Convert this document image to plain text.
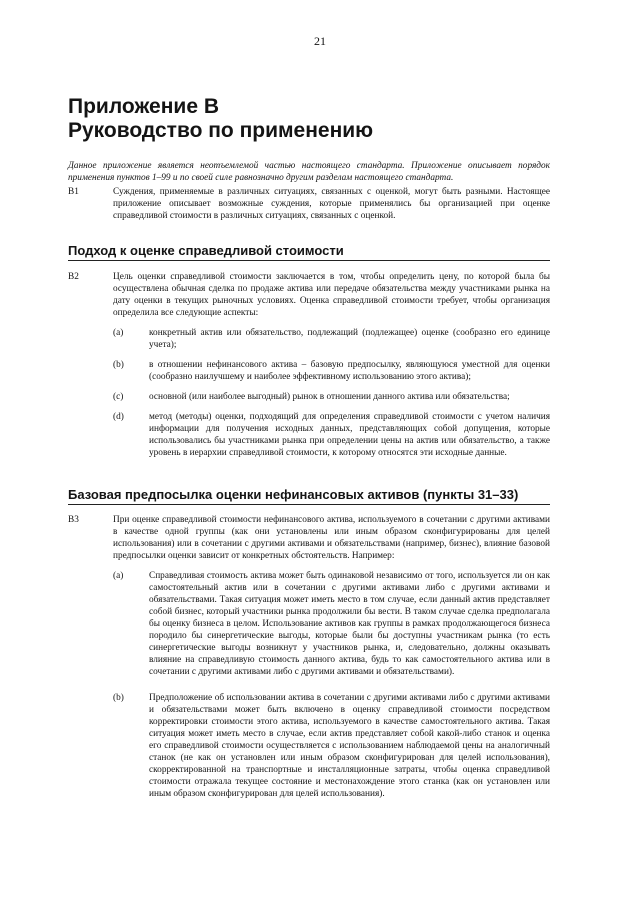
21
Приложение B
Руководство по применению
Данное приложение является неотъемлемой частью настоящего стандарта. Приложение описывает порядок применения пунктов 1–99 и по своей силе равнозначно другим разделам настоящего стандарта.
B1	Суждения, применяемые в различных ситуациях, связанных с оценкой, могут быть разными. Настоящее приложение описывает возможные суждения, которые применялись бы организацией при оценке справедливой стоимости в различных ситуациях, связанных с оценкой.
Подход к оценке справедливой стоимости
B2	Цель оценки справедливой стоимости заключается в том, чтобы определить цену, по которой была бы осуществлена обычная сделка по продаже актива или передаче обязательства между участниками рынка на дату оценки в текущих рыночных условиях. Оценка справедливой стоимости требует, чтобы организация определила все следующие аспекты:
(a)	конкретный актив или обязательство, подлежащий (подлежащее) оценке (сообразно его единице учета);
(b)	в отношении нефинансового актива – базовую предпосылку, являющуюся уместной для оценки (сообразно наилучшему и наиболее эффективному использованию этого актива);
(c)	основной (или наиболее выгодный) рынок в отношении данного актива или обязательства;
(d)	метод (методы) оценки, подходящий для определения справедливой стоимости с учетом наличия информации для получения исходных данных, представляющих собой допущения, которые использовались бы участниками рынка при определении цены на актив или обязательство, а также уровень в иерархии справедливой стоимости, к которому относятся эти исходные данные.
Базовая предпосылка оценки нефинансовых активов (пункты 31–33)
B3	При оценке справедливой стоимости нефинансового актива, используемого в сочетании с другими активами в качестве одной группы (как они установлены или иным образом сконфигурированы для целей использования) или в сочетании с другими активами и обязательствами (например, бизнес), влияние базовой предпосылки оценки зависит от конкретных обстоятельств. Например:
(a)	Справедливая стоимость актива может быть одинаковой независимо от того, используется ли он как самостоятельный актив или в сочетании с другими активами либо с другими активами и обязательствами. Такая ситуация может иметь место в том случае, если данный актив представляет собой бизнес, который участники рынка продолжили бы вести. В таком случае сделка предполагала бы оценку бизнеса в целом. Использование активов как группы в рамках продолжающегося бизнеса породило бы синергетические выгоды, которые были бы доступны участникам рынка (то есть синергетические выгоды возникнут у участников рынка, и, следовательно, должны оказывать влияние на справедливую стоимость данного актива, будь то как самостоятельного актива или в сочетании с другими активами либо с другими активами и обязательствами).
(b)	Предположение об использовании актива в сочетании с другими активами либо с другими активами и обязательствами может быть включено в оценку справедливой стоимости посредством корректировки стоимости этого актива, используемого в качестве самостоятельного актива. Такая ситуация может иметь место в случае, если актив представляет собой какой-либо станок и оценка его справедливой стоимости осуществляется с использованием наблюдаемой цены на аналогичный станок (не как он установлен или иным образом сконфигурирован для целей использования), скорректированной на транспортные и инсталляционные затраты, чтобы оценка справедливой стоимости отражала текущее состояние и местонахождение этого станка (как он установлен или иным образом сконфигурирован для целей использования).
